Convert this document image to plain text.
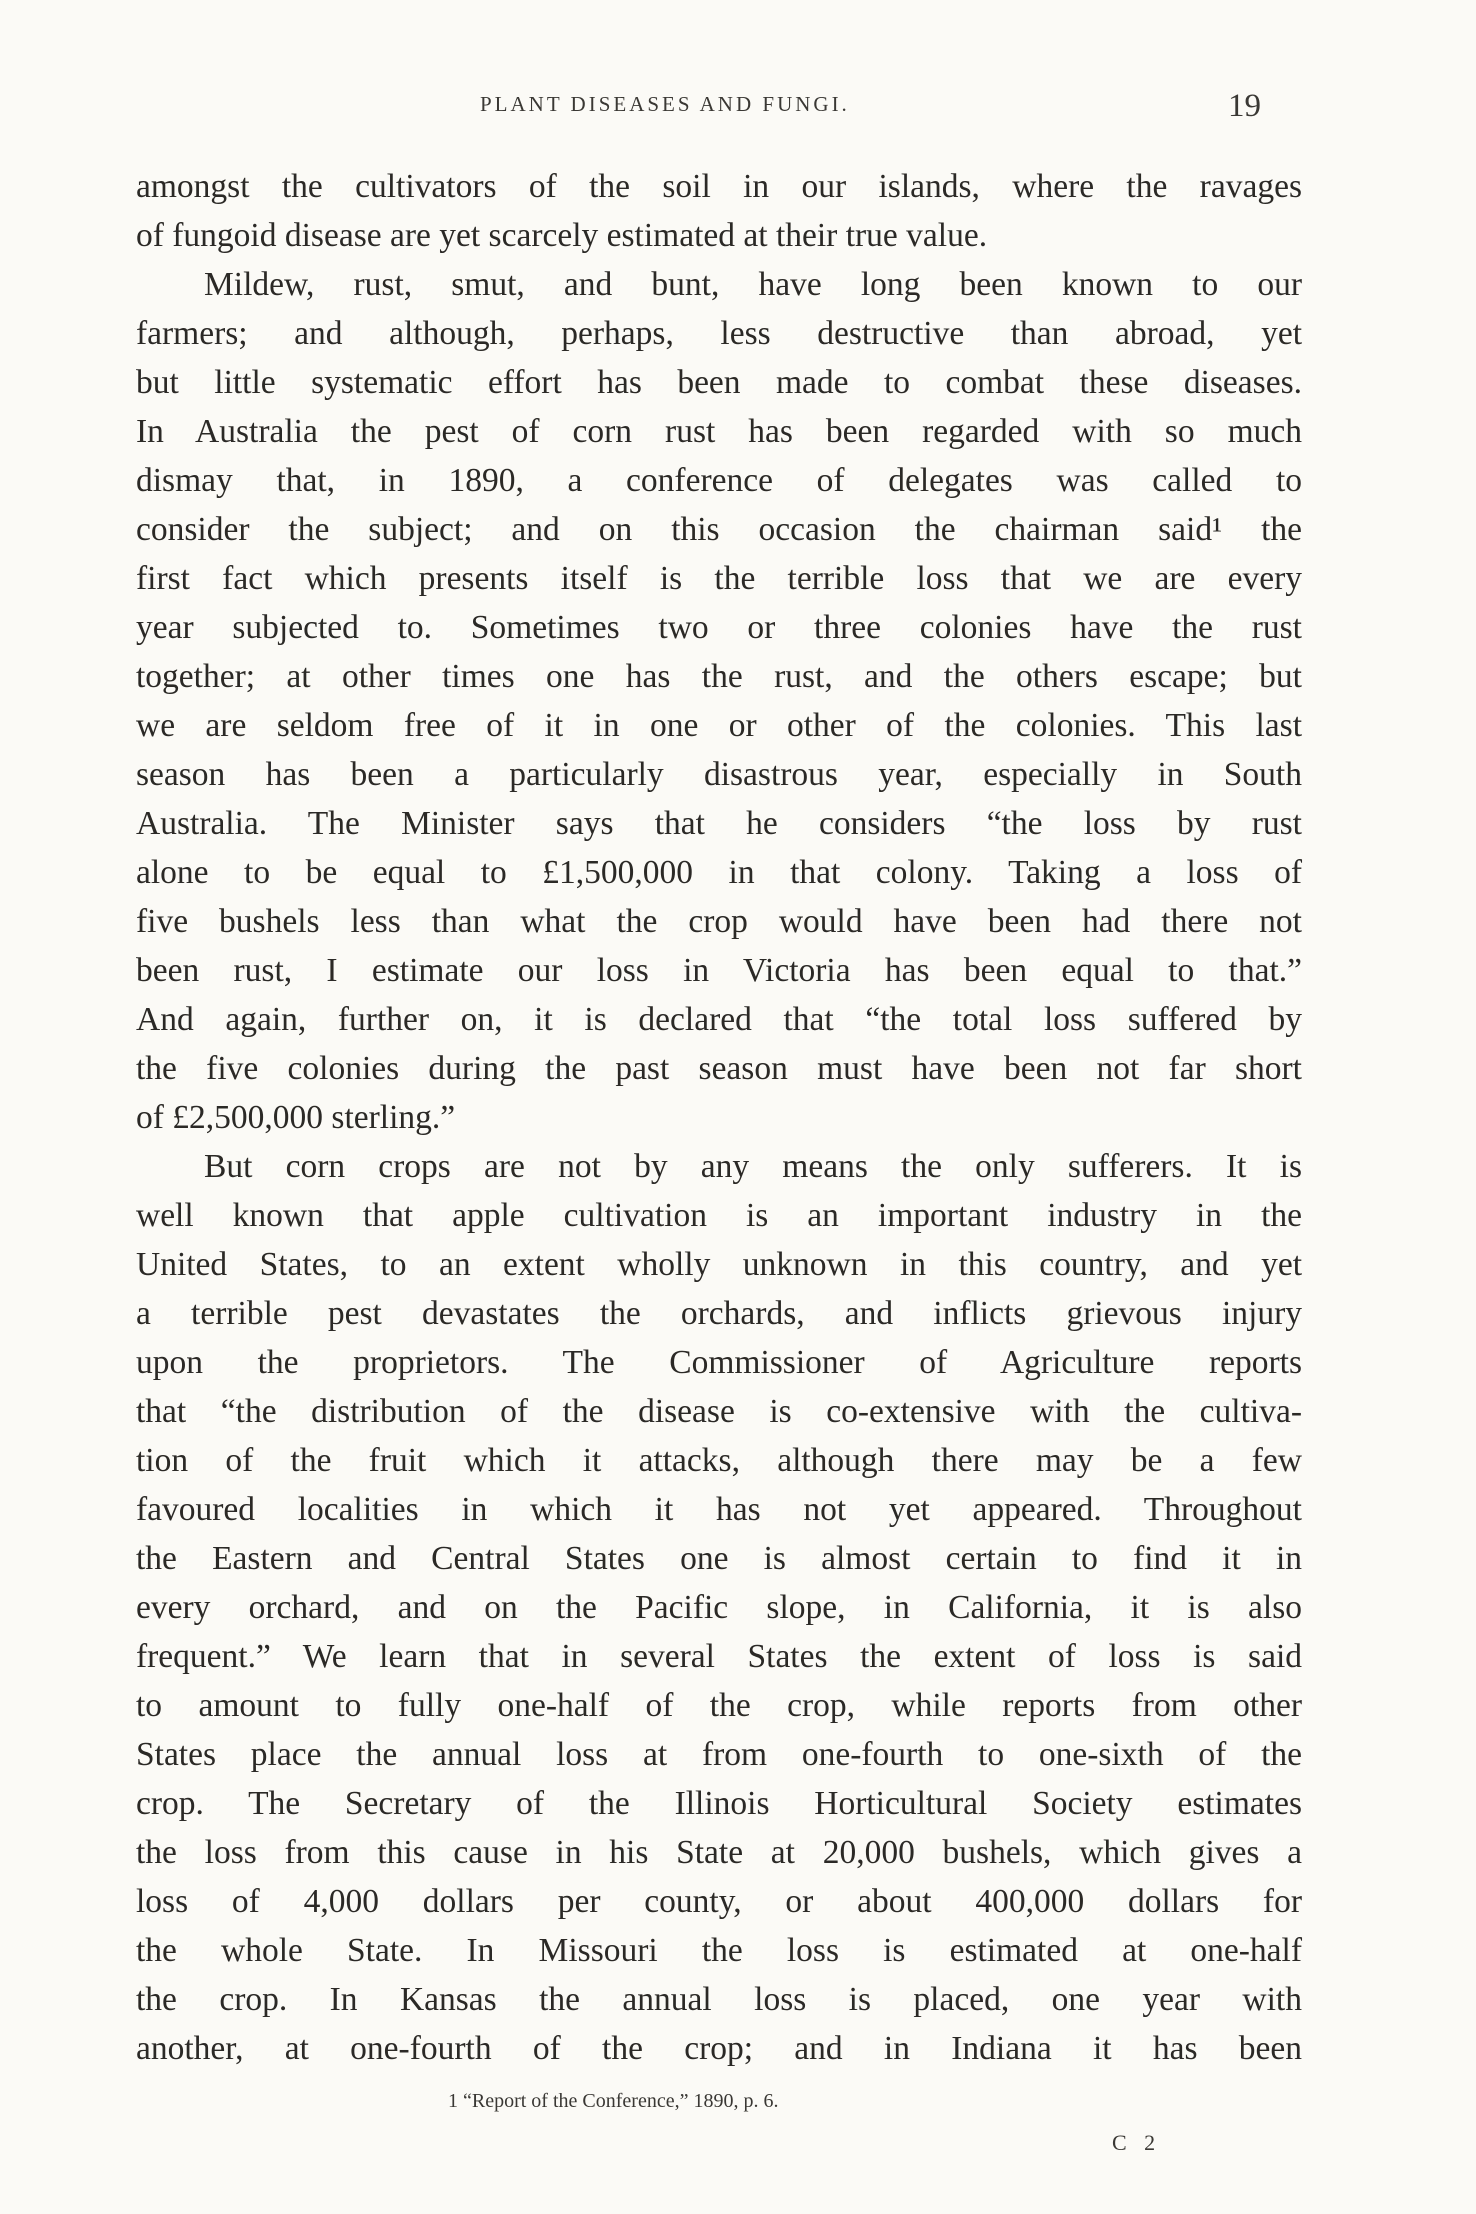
PLANT DISEASES AND FUNGI.	19
amongst the cultivators of the soil in our islands, where the ravages
of fungoid disease are yet scarcely estimated at their true value.
Mildew, rust, smut, and bunt, have long been known to our
farmers; and although, perhaps, less destructive than abroad, yet
but little systematic effort has been made to combat these diseases.
In Australia the pest of corn rust has been regarded with so much
dismay that, in 1890, a conference of delegates was called to
consider the subject; and on this occasion the chairman said¹ the
first fact which presents itself is the terrible loss that we are every
year subjected to. Sometimes two or three colonies have the rust
together; at other times one has the rust, and the others escape; but
we are seldom free of it in one or other of the colonies. This last
season has been a particularly disastrous year, especially in South
Australia. The Minister says that he considers “the loss by rust
alone to be equal to £1,500,000 in that colony. Taking a loss of
five bushels less than what the crop would have been had there not
been rust, I estimate our loss in Victoria has been equal to that.”
And again, further on, it is declared that “the total loss suffered by
the five colonies during the past season must have been not far short
of £2,500,000 sterling.”
But corn crops are not by any means the only sufferers. It is
well known that apple cultivation is an important industry in the
United States, to an extent wholly unknown in this country, and yet
a terrible pest devastates the orchards, and inflicts grievous injury
upon the proprietors. The Commissioner of Agriculture reports
that “the distribution of the disease is co-extensive with the cultiva-
tion of the fruit which it attacks, although there may be a few
favoured localities in which it has not yet appeared. Throughout
the Eastern and Central States one is almost certain to find it in
every orchard, and on the Pacific slope, in California, it is also
frequent.” We learn that in several States the extent of loss is said
to amount to fully one-half of the crop, while reports from other
States place the annual loss at from one-fourth to one-sixth of the
crop. The Secretary of the Illinois Horticultural Society estimates
the loss from this cause in his State at 20,000 bushels, which gives a
loss of 4,000 dollars per county, or about 400,000 dollars for
the whole State. In Missouri the loss is estimated at one-half
the crop. In Kansas the annual loss is placed, one year with
another, at one-fourth of the crop; and in Indiana it has been
1 “Report of the Conference,” 1890, p. 6.
C 2
